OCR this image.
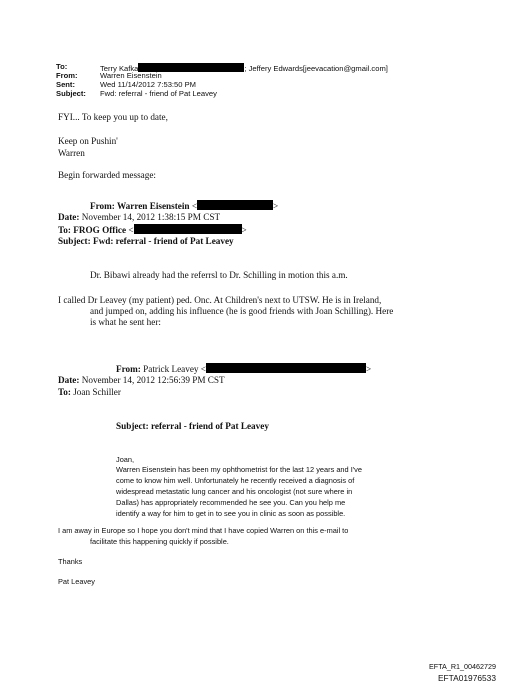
To:	Terry Kafka	; Jeffery Edwards[jeevacation@gmail.com]
From:	Warren Eisenstein
Sent:	Wed 11/14/2012 7:53:50 PM
Subject: Fwd: referral - friend of Pat Leavey
FYI... To keep you up to date,
Keep on Pushin'
Warren
Begin forwarded message:
From: Warren Eisenstein <	>
Date: November 14, 2012 1:38:15 PM CST
To: FROG Office <	>
Subject: Fwd: referral - friend of Pat Leavey
Dr. Bibawi already had the referrsl to Dr. Schilling in motion this a.m.
I called Dr Leavey (my patient) ped. Onc. At Children's next to UTSW. He is in Ireland,
and jumped on, adding his influence (he is good friends with Joan Schilling). Here
is what he sent her:
From: Patrick Leavey <	>
Date: November 14, 2012 12:56:39 PM CST
To: Joan Schiller
Subject: referral - friend of Pat Leavey
Joan,
Warren Eisenstein has been my ophthometrist for the last 12 years and I've
come to know him well. Unfortunately he recently received a diagnosis of
widespread metastatic lung cancer and his oncologist (not sure where in
Dallas) has appropriately recommended he see you. Can you help me
identify a way for him to get in to see you in clinic as soon as possible.
I am away in Europe so I hope you don't mind that I have copied Warren on this e-mail to
facilitate this happening quickly if possible.
Thanks
Pat Leavey
EFTA_R1_00462729
EFTA01976533
